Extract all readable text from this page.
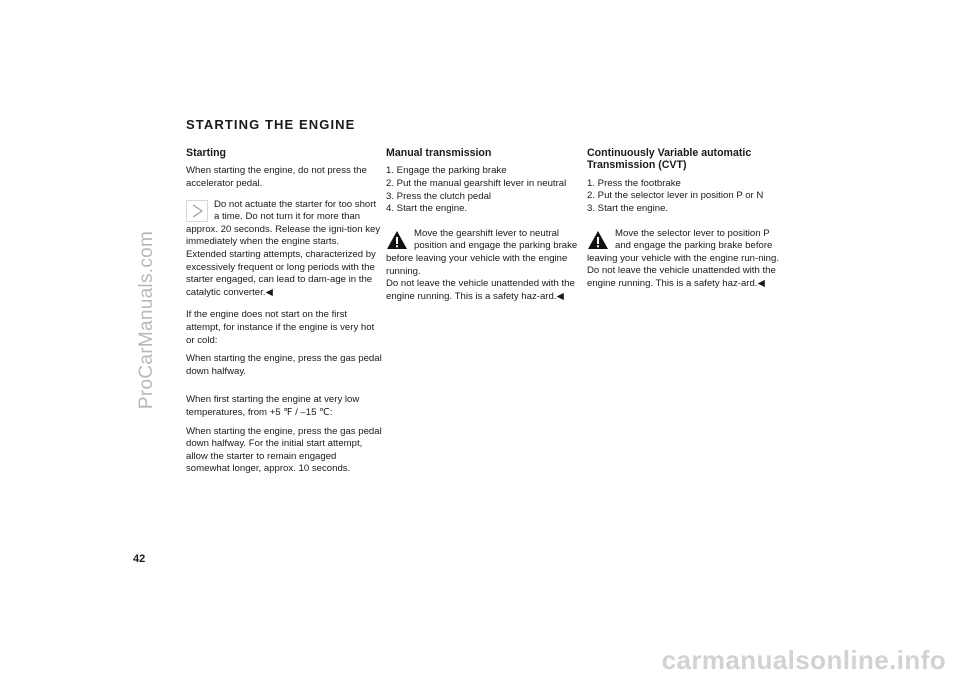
STARTING THE ENGINE
Starting

When starting the engine, do not press the accelerator pedal.

Do not actuate the starter for too short a time. Do not turn it for more than approx. 20 seconds. Release the igni-tion key immediately when the engine starts.
Extended starting attempts, characterized by excessively frequent or long periods with the starter engaged, can lead to dam-age in the catalytic converter.◀

If the engine does not start on the first attempt, for instance if the engine is very hot or cold:

When starting the engine, press the gas pedal down halfway.

When first starting the engine at very low temperatures, from +5 ℉ / –15 ℃:

When starting the engine, press the gas pedal down halfway. For the initial start attempt, allow the starter to remain engaged somewhat longer, approx. 10 seconds.

Manual transmission
1. Engage the parking brake
2. Put the manual gearshift lever in neutral
3. Press the clutch pedal
4. Start the engine.
Move the gearshift lever to neutral position and engage the parking brake before leaving your vehicle with the engine running.
Do not leave the vehicle unattended with the engine running. This is a safety haz-ard.◀
Continuously Variable automatic Transmission (CVT)
1. Press the footbrake
2. Put the selector lever in position P or N
3. Start the engine.
Move the selector lever to position P and engage the parking brake before leaving your vehicle with the engine run-ning.
Do not leave the vehicle unattended with the engine running. This is a safety haz-ard.◀
42
ProCarManuals.com
carmanualsonline.info
